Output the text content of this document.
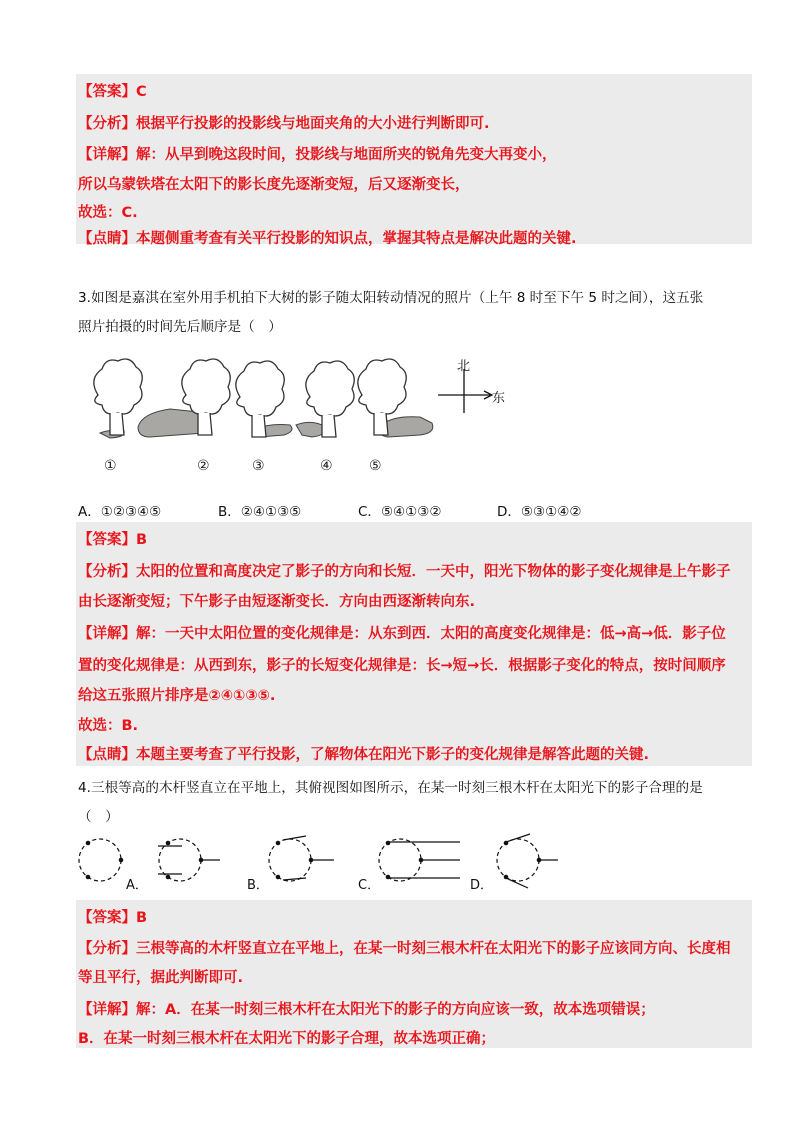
【答案】C
【分析】根据平行投影的投影线与地面夹角的大小进行判断即可.
【详解】解：从早到晚这段时间，投影线与地面所夹的锐角先变大再变小，
所以乌蒙铁塔在太阳下的影长度先逐渐变短，后又逐渐变长，
故选：C.
【点睛】本题侧重考查有关平行投影的知识点，掌握其特点是解决此题的关键.
3.如图是嘉淇在室外用手机拍下大树的影子随太阳转动情况的照片（上午 8 时至下午 5 时之间），这五张
照片拍摄的时间先后顺序是（　）
北
东
①	②	③	④	⑤
A．①②③④⑤	B．②④①③⑤	C．⑤④①③②	D．⑤③①④②
【答案】B
【分析】太阳的位置和高度决定了影子的方向和长短．一天中，阳光下物体的影子变化规律是上午影子
由长逐渐变短；下午影子由短逐渐变长．方向由西逐渐转向东.
【详解】解：一天中太阳位置的变化规律是：从东到西．太阳的高度变化规律是：低→高→低．影子位
置的变化规律是：从西到东，影子的长短变化规律是：长→短→长．根据影子变化的特点，按时间顺序
给这五张照片排序是②④①③⑤.
故选：B.
【点睛】本题主要考查了平行投影，了解物体在阳光下影子的变化规律是解答此题的关键.
4.三根等高的木杆竖直立在平地上，其俯视图如图所示，在某一时刻三根木杆在太阳光下的影子合理的是
（　）
A．	B．	C．	D．
【答案】B
【分析】三根等高的木杆竖直立在平地上，在某一时刻三根木杆在太阳光下的影子应该同方向、长度相
等且平行，据此判断即可.
【详解】解：A．在某一时刻三根木杆在太阳光下的影子的方向应该一致，故本选项错误；
B．在某一时刻三根木杆在太阳光下的影子合理，故本选项正确；
